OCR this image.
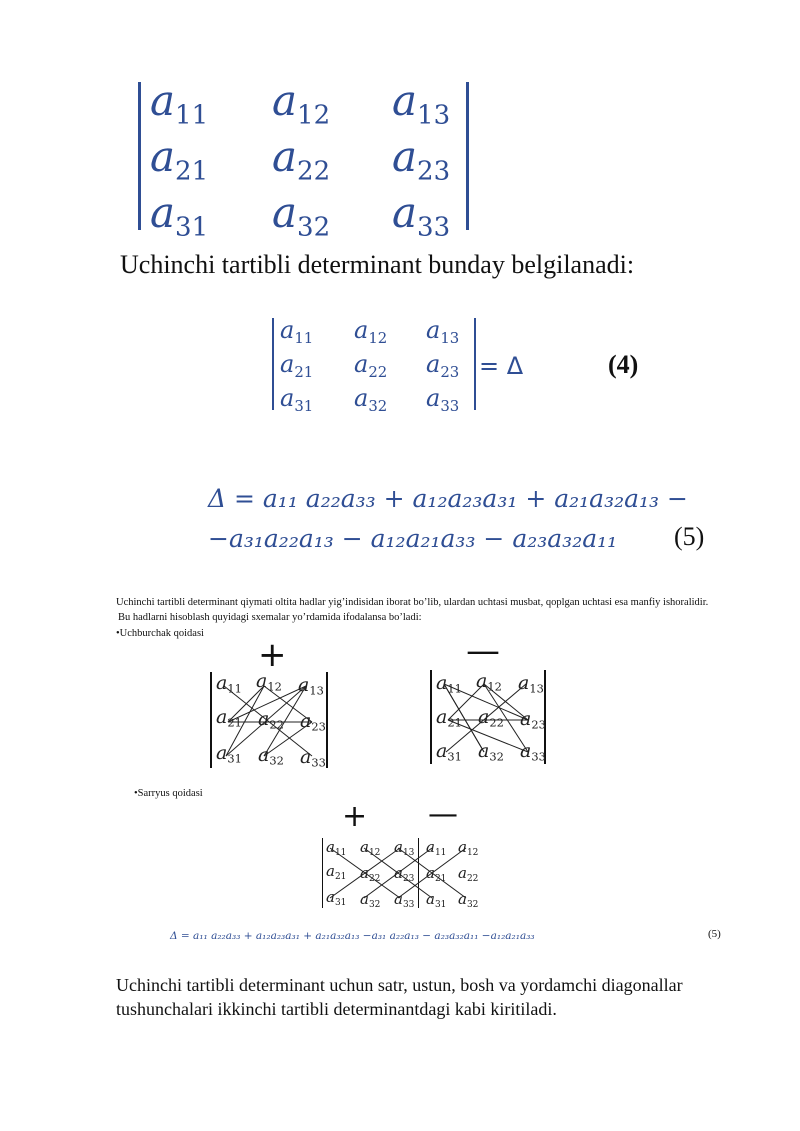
$a_{11}$ $a_{12}$ $a_{13}$
$a_{21}$ $a_{22}$ $a_{23}$
$a_{31}$ $a_{32}$ $a_{33}$
Uchinchi tartibli determinant bunday belgilanadi:
$a_{11}$ $a_{12}$ $a_{13}$
$a_{21}$ $a_{22}$ $a_{23}$
$a_{31}$ $a_{32}$ $a_{33}$
= Δ	(4)
Δ = a₁₁ a₂₂a₃₃ + a₁₂a₂₃a₃₁ + a₂₁a₃₂a₁₃ −
−a₃₁a₂₂a₁₃ − a₁₂a₂₁a₃₃ − a₂₃a₃₂a₁₁ (5)
Uchinchi tartibli determinant qiymati oltita hadlar yig’indisidan iborat bo’lib, ulardan uchtasi musbat, qoplgan uchtasi esa manfiy ishoralidir.
Bu hadlarni hisoblash quyidagi sxemalar yo’rdamida ifodalansa bo’ladi:
•Uchburchak qoidasi
+	—
$a_{11}$ $a_{12}$ $a_{13}$
$a_{21}$ $a_{22}$ $a_{23}$
$a_{31}$ $a_{32}$ $a_{33}$
$a_{11}$ $a_{12}$ $a_{13}$
$a_{21}$ $a_{22}$ $a_{23}$
$a_{31}$ $a_{32}$ $a_{33}$
•Sarryus qoidasi
+ —
$a_{11}$ $a_{12}$ $a_{13}$ $a_{11}$ $a_{12}$
$a_{21}$ $a_{22}$ $a_{23}$ $a_{21}$ $a_{22}$
$a_{31}$ $a_{32}$ $a_{33}$ $a_{31}$ $a_{32}$
Δ = a₁₁ a₂₂a₃₃ + a₁₂a₂₃a₃₁ + a₂₁a₃₂a₁₃ −a₃₁ a₂₂a₁₃ − a₂₃a₃₂a₁₁ −a₁₂a₂₁a₃₃	(5)
Uchinchi tartibli determinant uchun satr, ustun, bosh va yordamchi diagonallar
tushunchalari ikkinchi tartibli determinantdagi kabi kiritiladi.
